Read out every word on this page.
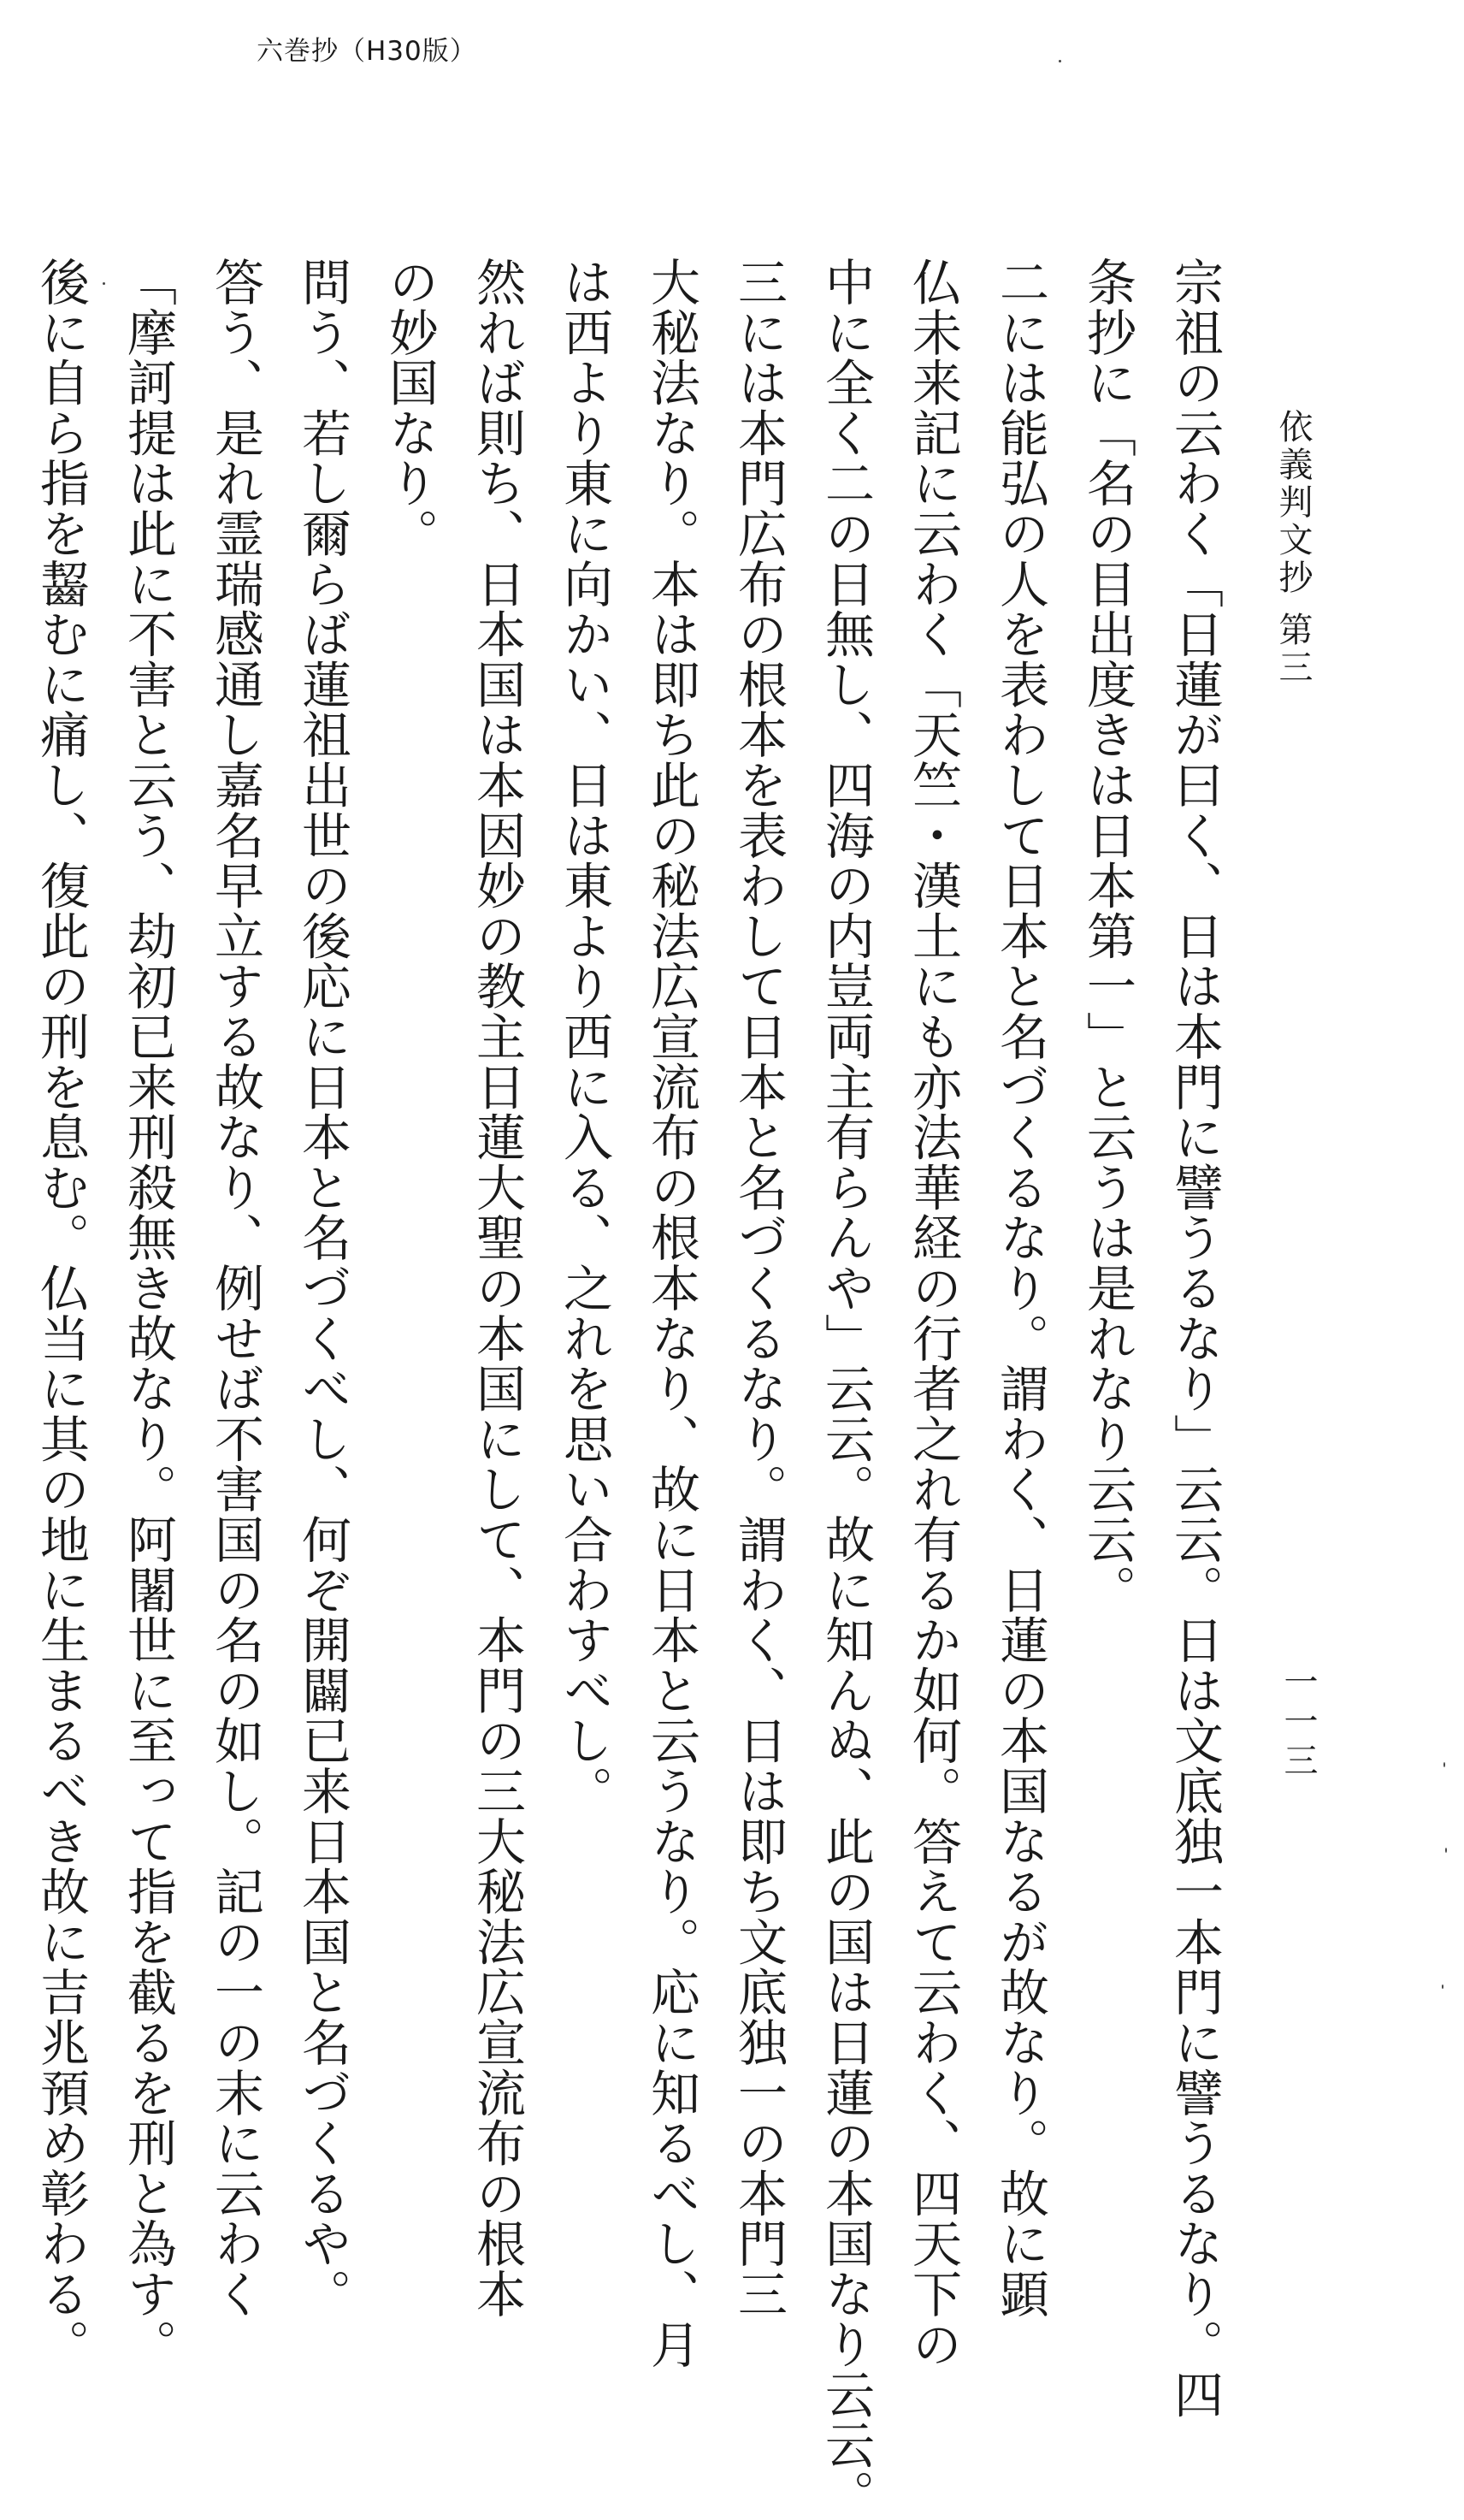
六巻抄（H30版）
依義判文抄 第三
一一三
宗祖の云わく「日蓮が曰く、日は本門に譬うるなり」云云。日は文底独一本門に譬うるなり。四
条抄に「名の目出度きは日本第一」と云うは是れなり云云。
二には能弘の人を表わして日本と名づくるなり。謂わく、日蓮の本国なるが故なり。故に顕
仏未来記に云わく「天竺・漢土にも亦法華経の行者之れ有るか如何。答えて云わく、四天下の
中に全く二の日無し、四海の内豈両主有らんや」云云。故に知んぬ、此の国は日蓮の本国なり云云。
三には本門広布の根本を表わして日本と名づくるなり。謂わく、日は即ち文底独一の本門三
大秘法なり。本は即ち此の秘法広宣流布の根本なり、故に日本と云うなり。応に知るべし、月
は西より東に向かい、日は東より西に入る、之れを思い合わすべし。
然れば則ち、日本国は本因妙の教主日蓮大聖の本国にして、本門の三大秘法広宣流布の根本
の妙国なり。
問う、若し爾らば蓮祖出世の後応に日本と名づくべし、何ぞ開闢已来日本国と名づくるや。
答う、是れ霊瑞感通し嘉名早立する故なり、例せば不害国の名の如し。記の一の末に云わく
「摩訶提は此に不害と云う、劫初已来刑殺無き故なり。阿闍世に至って指を截るを刑と為す。
後に自ら指を齧むに痛し、復此の刑を息む。仏当に其の地に生まるべき故に吉兆預め彰わる。
